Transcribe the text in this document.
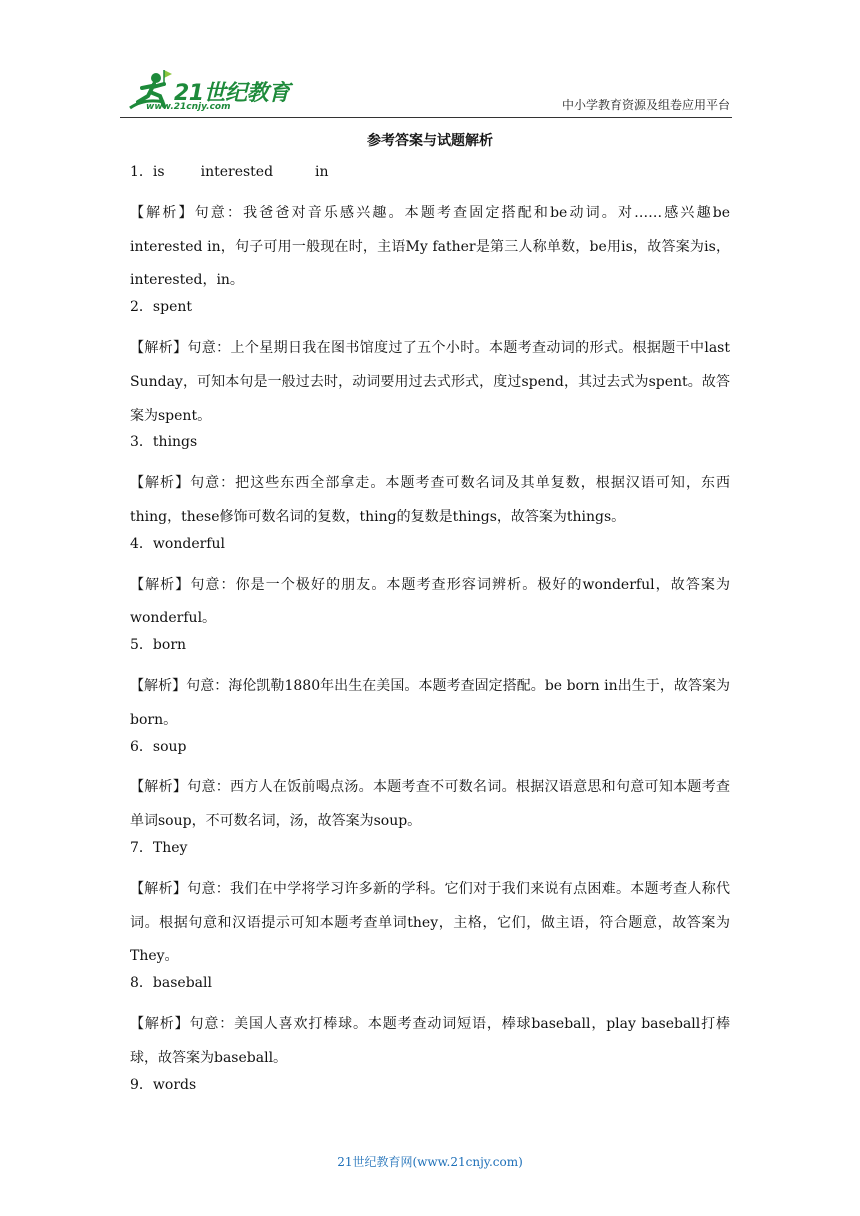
21世纪教育
www.21cnjy.com	中小学教育资源及组卷应用平台
参考答案与试题解析
1．is	interested	in
【解析】句意：我爸爸对音乐感兴趣。本题考查固定搭配和be动词。对……感兴趣be interested in，句子可用一般现在时，主语My father是第三人称单数，be用is，故答案为is，interested，in。
2．spent
【解析】句意：上个星期日我在图书馆度过了五个小时。本题考查动词的形式。根据题干中last Sunday，可知本句是一般过去时，动词要用过去式形式，度过spend，其过去式为spent。故答案为spent。
3．things
【解析】句意：把这些东西全部拿走。本题考查可数名词及其单复数，根据汉语可知，东西thing，these修饰可数名词的复数，thing的复数是things，故答案为things。
4．wonderful
【解析】句意：你是一个极好的朋友。本题考查形容词辨析。极好的wonderful，故答案为wonderful。
5．born
【解析】句意：海伦凯勒1880年出生在美国。本题考查固定搭配。be born in出生于，故答案为born。
6．soup
【解析】句意：西方人在饭前喝点汤。本题考查不可数名词。根据汉语意思和句意可知本题考查单词soup，不可数名词，汤，故答案为soup。
7．They
【解析】句意：我们在中学将学习许多新的学科。它们对于我们来说有点困难。本题考查人称代词。根据句意和汉语提示可知本题考查单词they，主格，它们，做主语，符合题意，故答案为They。
8．baseball
【解析】句意：美国人喜欢打棒球。本题考查动词短语，棒球baseball，play baseball打棒球，故答案为baseball。
9．words
21世纪教育网(www.21cnjy.com)
